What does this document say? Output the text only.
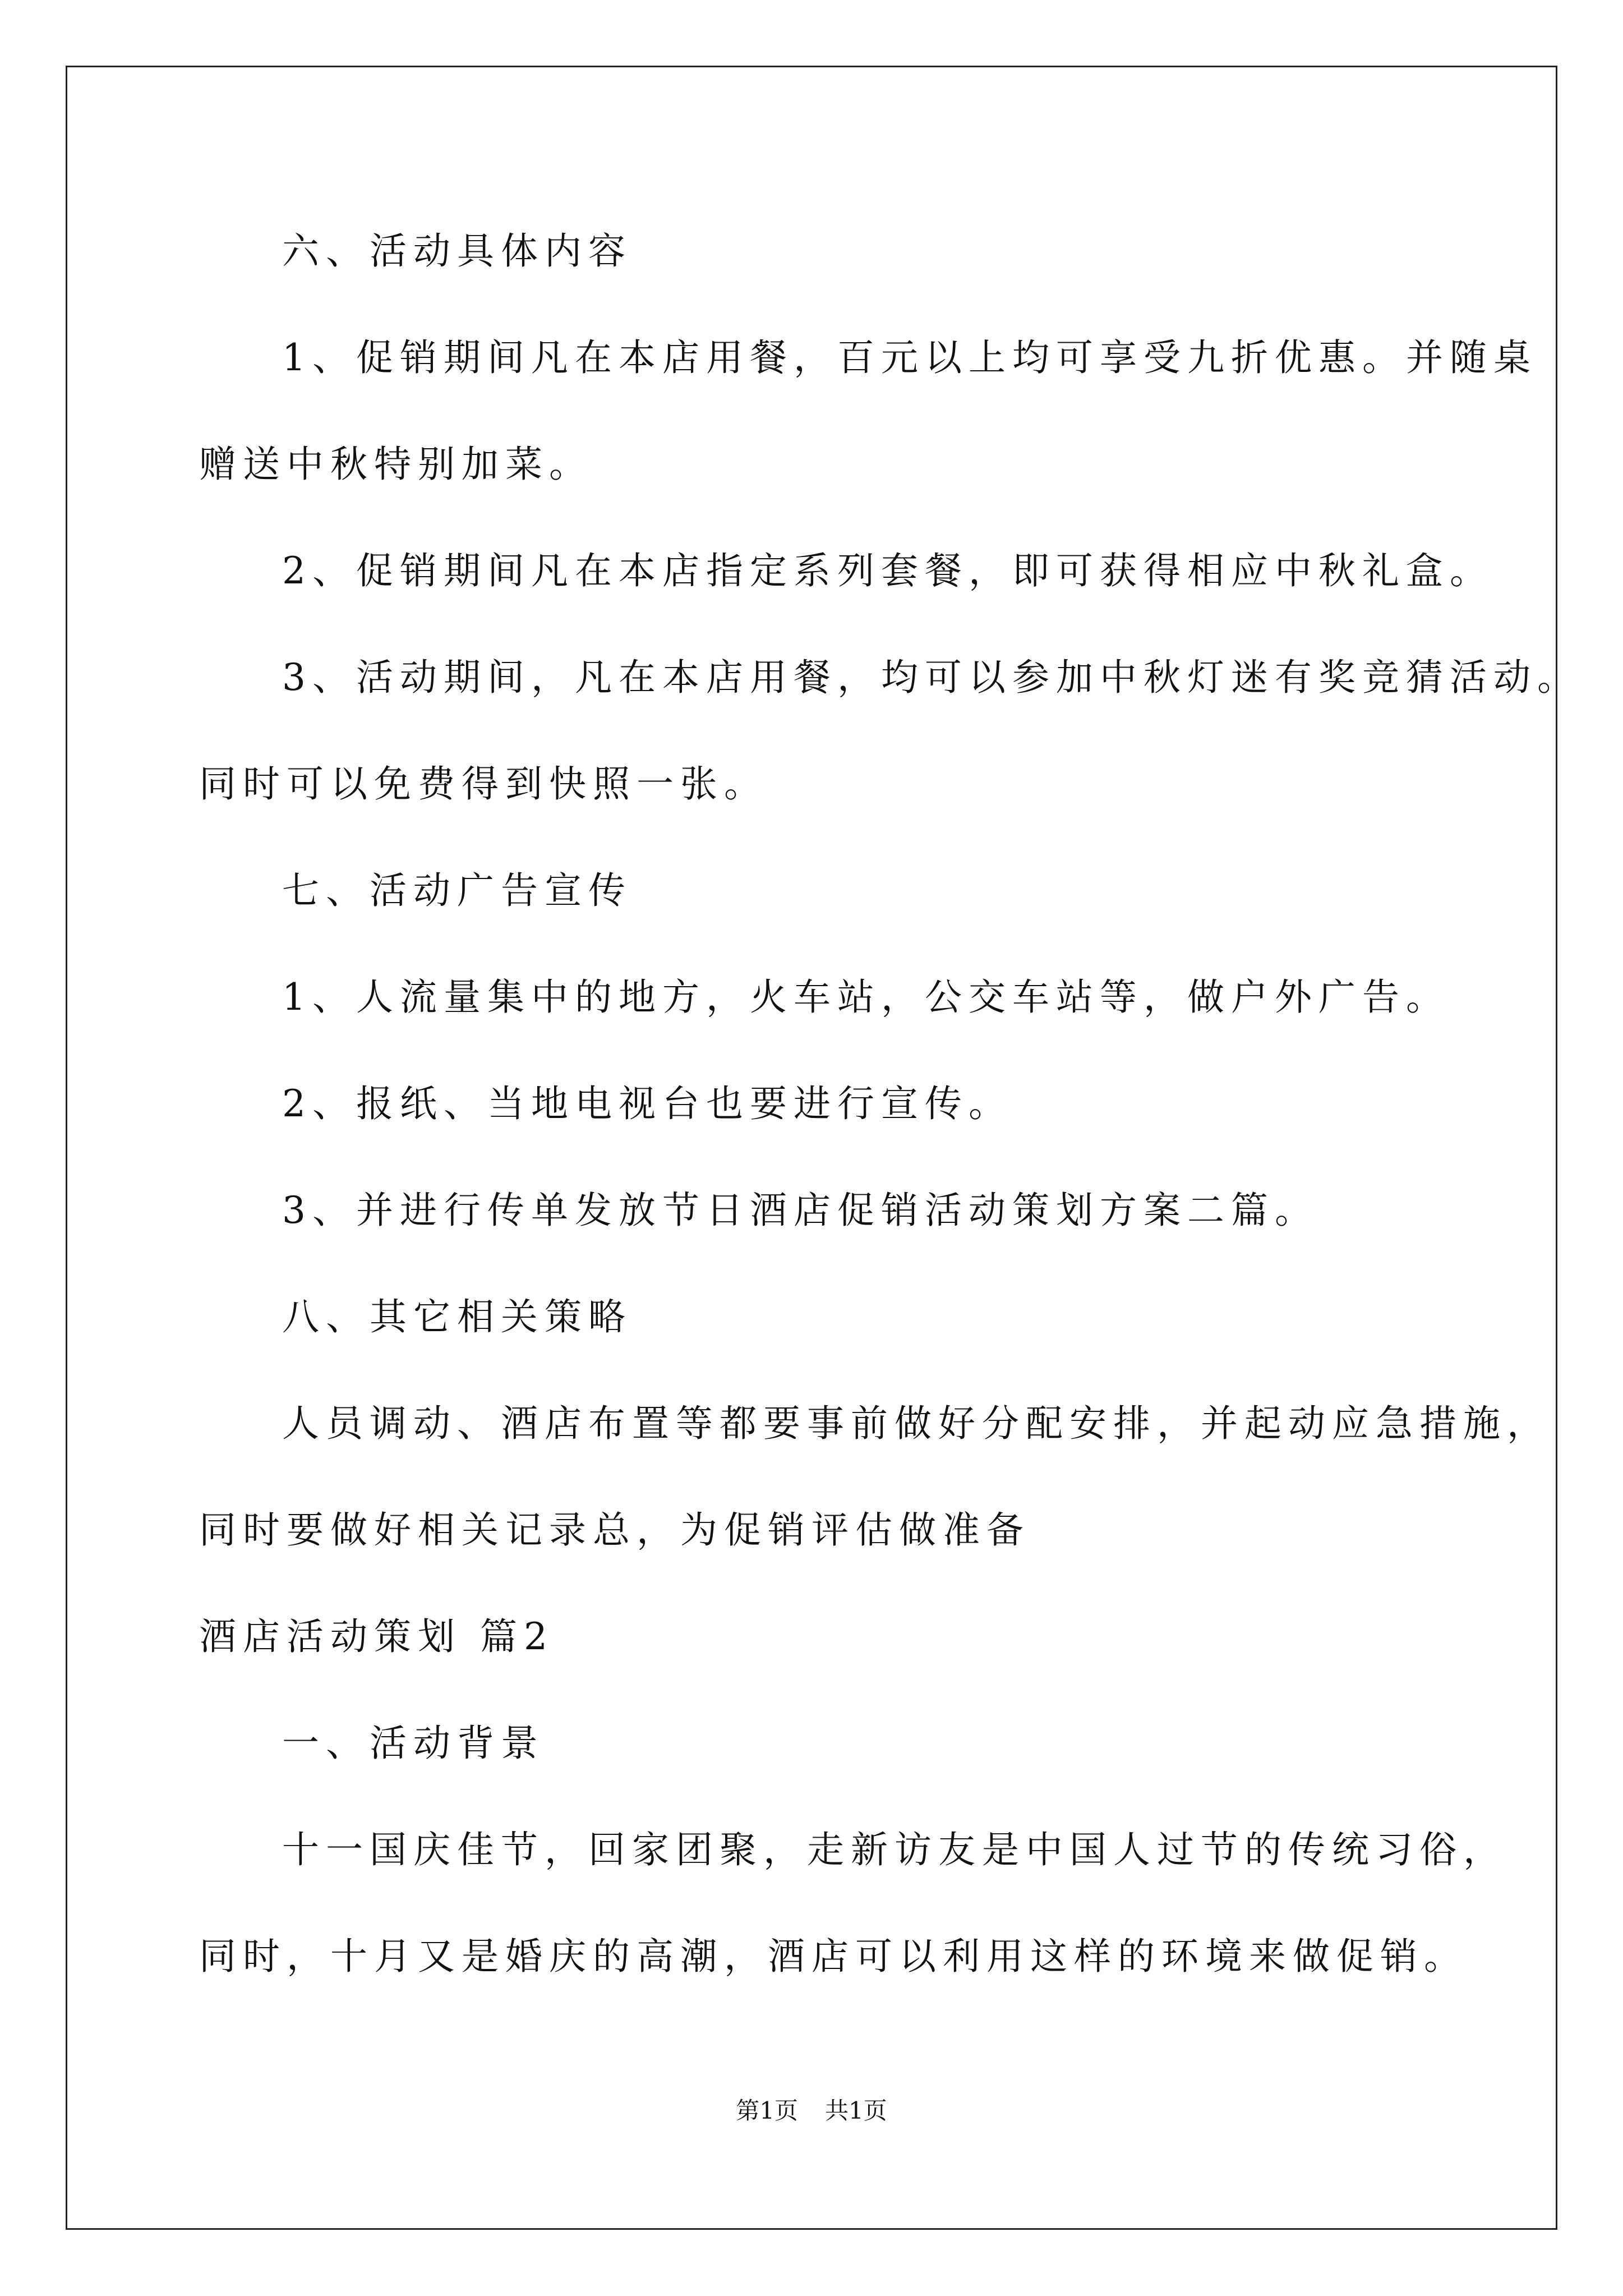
六、活动具体内容
1、促销期间凡在本店用餐，百元以上均可享受九折优惠。并随桌
赠送中秋特别加菜。
2、促销期间凡在本店指定系列套餐，即可获得相应中秋礼盒。
3、活动期间，凡在本店用餐，均可以参加中秋灯迷有奖竞猜活动。
同时可以免费得到快照一张。
七、活动广告宣传
1、人流量集中的地方，火车站，公交车站等，做户外广告。
2、报纸、当地电视台也要进行宣传。
3、并进行传单发放节日酒店促销活动策划方案二篇。
八、其它相关策略
人员调动、酒店布置等都要事前做好分配安排，并起动应急措施，
同时要做好相关记录总，为促销评估做准备
酒店活动策划 篇2
一、活动背景
十一国庆佳节，回家团聚，走新访友是中国人过节的传统习俗，
同时，十月又是婚庆的高潮，酒店可以利用这样的环境来做促销。
第1页 共1页
